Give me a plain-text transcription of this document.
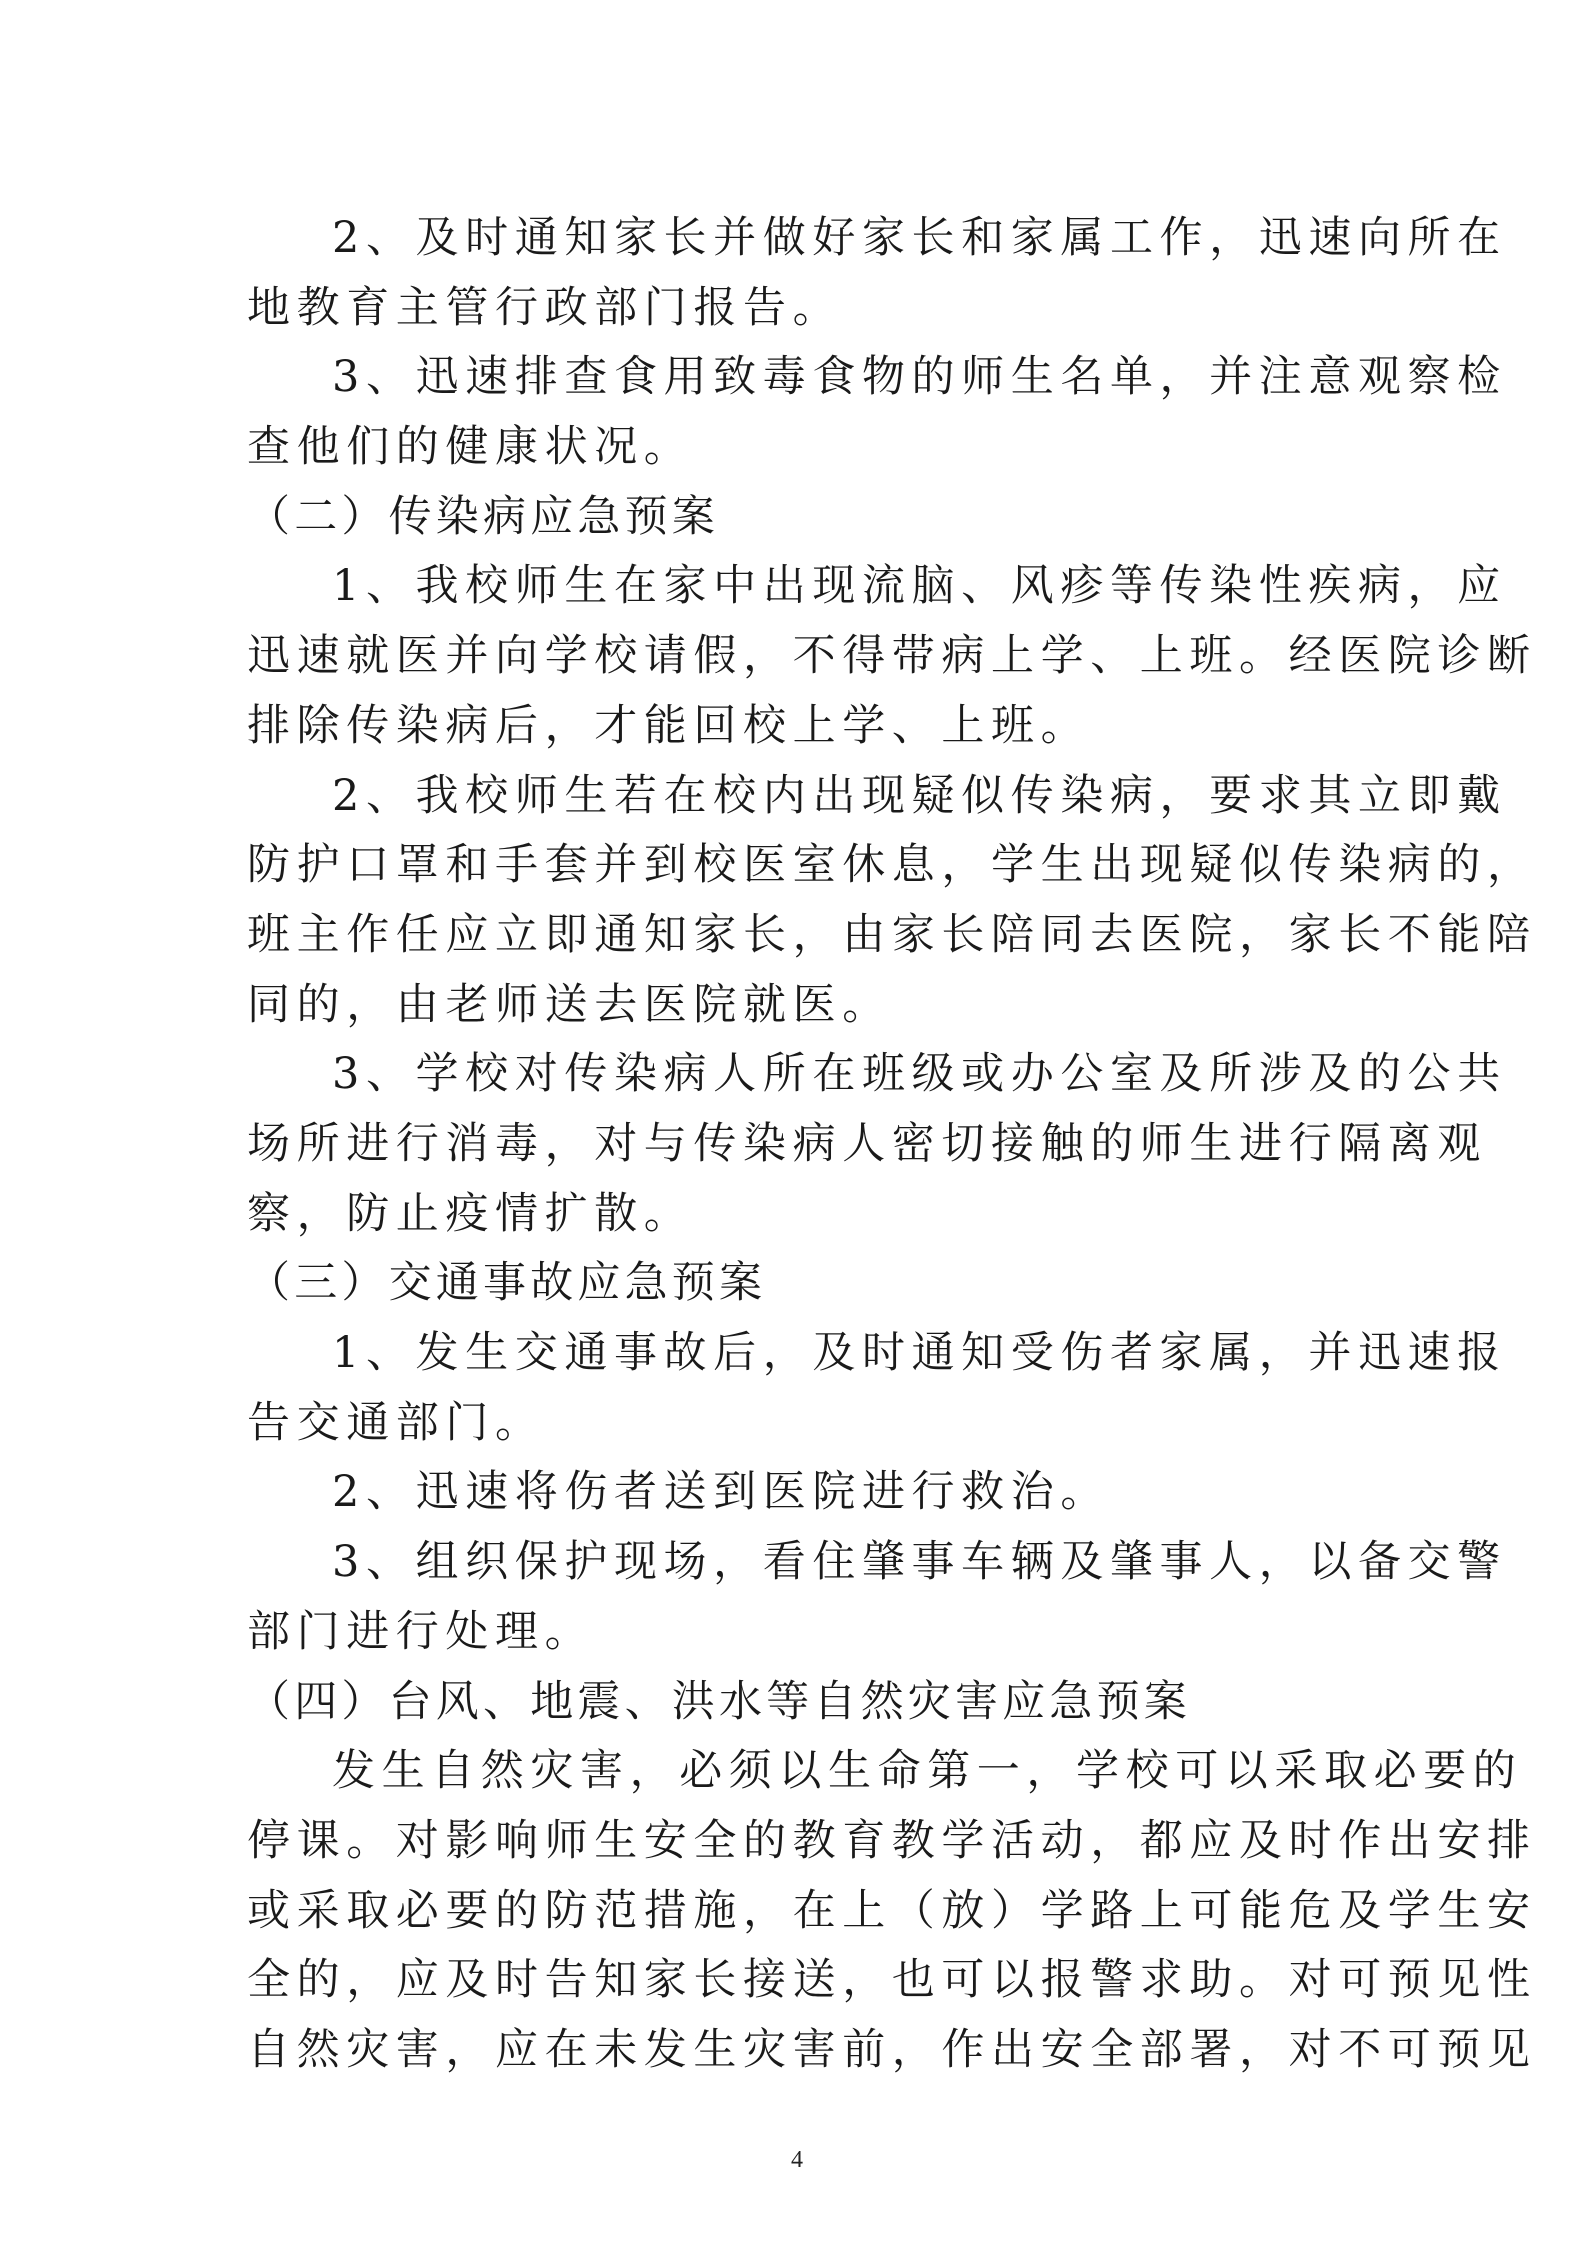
2、及时通知家长并做好家长和家属工作，迅速向所在
地教育主管行政部门报告。
3、迅速排查食用致毒食物的师生名单，并注意观察检
查他们的健康状况。
（二）传染病应急预案
1、我校师生在家中出现流脑、风疹等传染性疾病，应
迅速就医并向学校请假，不得带病上学、上班。经医院诊断
排除传染病后，才能回校上学、上班。
2、我校师生若在校内出现疑似传染病，要求其立即戴
防护口罩和手套并到校医室休息，学生出现疑似传染病的，
班主作任应立即通知家长，由家长陪同去医院，家长不能陪
同的，由老师送去医院就医。
3、学校对传染病人所在班级或办公室及所涉及的公共
场所进行消毒，对与传染病人密切接触的师生进行隔离观
察，防止疫情扩散。
（三）交通事故应急预案
1、发生交通事故后，及时通知受伤者家属，并迅速报
告交通部门。
2、迅速将伤者送到医院进行救治。
3、组织保护现场，看住肇事车辆及肇事人，以备交警
部门进行处理。
（四）台风、地震、洪水等自然灾害应急预案
发生自然灾害，必须以生命第一，学校可以采取必要的
停课。对影响师生安全的教育教学活动，都应及时作出安排
或采取必要的防范措施，在上（放）学路上可能危及学生安
全的，应及时告知家长接送，也可以报警求助。对可预见性
自然灾害，应在未发生灾害前，作出安全部署，对不可预见
4
